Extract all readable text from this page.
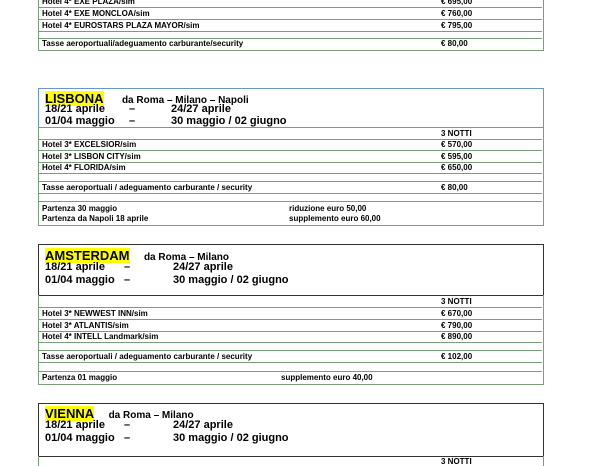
Hotel 4* EXE PLAZA/sim	€ 695,00
Hotel 4* EXE MONCLOA/sim	€ 760,00
Hotel 4* EUROSTARS PLAZA MAYOR/sim	€ 795,00
Tasse aeroportuali/adeguamento carburante/security	€ 80,00
LISBONA da Roma – Milano – Napoli
18/21 aprile –	24/27 aprile
01/04 maggio –	30 maggio / 02 giugno
3 NOTTI
Hotel 3* EXCELSIOR/sim	€ 570,00
Hotel 3* LISBON CITY/sim	€ 595,00
Hotel 4* FLORIDA/sim	€ 650,00
Tasse aeroportuali / adeguamento carburante / security	€ 80,00
Partenza 30 maggio	riduzione euro 50,00
Partenza da Napoli 18 aprile	supplemento euro 60,00
AMSTERDAM da Roma – Milano
18/21 aprile –	24/27 aprile
01/04 maggio –	30 maggio / 02 giugno
3 NOTTI
Hotel 3* NEWWEST INN/sim	€ 670,00
Hotel 3* ATLANTIS/sim	€ 790,00
Hotel 4* INTELL Landmark/sim	€ 890,00
Tasse aeroportuali / adeguamento carburante / security	€ 102,00
Partenza 01 maggio	supplemento euro 40,00
VIENNA da Roma – Milano
18/21 aprile –	24/27 aprile
01/04 maggio –	30 maggio / 02 giugno
3 NOTTI
